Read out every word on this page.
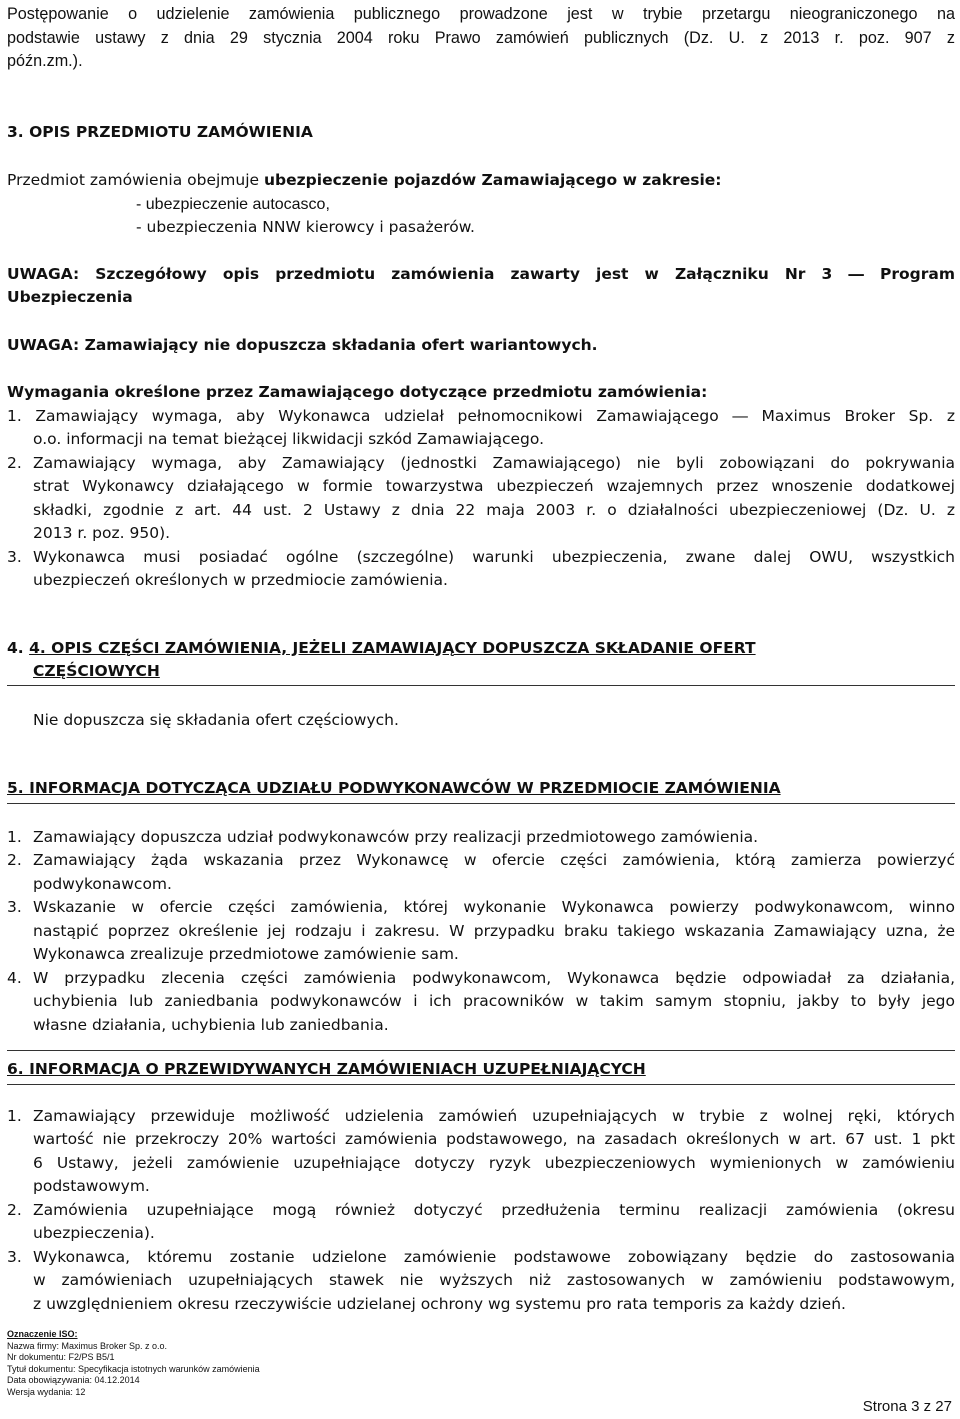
Postępowanie o udzielenie zamówienia publicznego prowadzone jest w trybie przetargu nieograniczonego na

podstawie ustawy z dnia 29 stycznia 2004 roku Prawo zamówień publicznych (Dz. U. z 2013 r. poz. 907 z

późn.zm.).

3. OPIS PRZEDMIOTU ZAMÓWIENIA

Przedmiot zamówienia obejmuje ubezpieczenie pojazdów Zamawiającego w zakresie:

- ubezpieczenie autocasco,

- ubezpieczenia NNW kierowcy i pasażerów.

UWAGA: Szczegółowy opis przedmiotu zamówienia zawarty jest w Załączniku Nr 3 ― Program

Ubezpieczenia

UWAGA: Zamawiający nie dopuszcza składania ofert wariantowych.

Wymagania określone przez Zamawiającego dotyczące przedmiotu zamówienia:

1. Zamawiający wymaga, aby Wykonawca udzielał pełnomocnikowi Zamawiającego ― Maximus Broker Sp. z

o.o. informacji na temat bieżącej likwidacji szkód Zamawiającego.

2. Zamawiający wymaga, aby Zamawiający (jednostki Zamawiającego) nie byli zobowiązani do pokrywania

strat Wykonawcy działającego w formie towarzystwa ubezpieczeń wzajemnych przez wnoszenie dodatkowej

składki, zgodnie z art. 44 ust. 2 Ustawy z dnia 22 maja 2003 r. o działalności ubezpieczeniowej (Dz. U. z

2013 r. poz. 950).

3. Wykonawca musi posiadać ogólne (szczególne) warunki ubezpieczenia, zwane dalej OWU, wszystkich

ubezpieczeń określonych w przedmiocie zamówienia.

4. 4. OPIS CZĘŚCI ZAMÓWIENIA, JEŻELI ZAMAWIAJĄCY DOPUSZCZA SKŁADANIE OFERT

CZĘŚCIOWYCH

Nie dopuszcza się składania ofert częściowych.

5. INFORMACJA DOTYCZĄCA UDZIAŁU PODWYKONAWCÓW W PRZEDMIOCIE ZAMÓWIENIA

1. Zamawiający dopuszcza udział podwykonawców przy realizacji przedmiotowego zamówienia.

2. Zamawiający żąda wskazania przez Wykonawcę w ofercie części zamówienia, którą zamierza powierzyć

podwykonawcom.

3. Wskazanie w ofercie części zamówienia, której wykonanie Wykonawca powierzy podwykonawcom, winno

nastąpić poprzez określenie jej rodzaju i zakresu. W przypadku braku takiego wskazania Zamawiający uzna, że

Wykonawca zrealizuje przedmiotowe zamówienie sam.

4. W przypadku zlecenia części zamówienia podwykonawcom, Wykonawca będzie odpowiadał za działania,

uchybienia lub zaniedbania podwykonawców i ich pracowników w takim samym stopniu, jakby to były jego

własne działania, uchybienia lub zaniedbania.

6. INFORMACJA O PRZEWIDYWANYCH ZAMÓWIENIACH UZUPEŁNIAJĄCYCH

1. Zamawiający przewiduje możliwość udzielenia zamówień uzupełniających w trybie z wolnej ręki, których

wartość nie przekroczy 20% wartości zamówienia podstawowego, na zasadach określonych w art. 67 ust. 1 pkt

6 Ustawy, jeżeli zamówienie uzupełniające dotyczy ryzyk ubezpieczeniowych wymienionych w zamówieniu

podstawowym.

2. Zamówienia uzupełniające mogą również dotyczyć przedłużenia terminu realizacji zamówienia (okresu

ubezpieczenia).

3. Wykonawca, któremu zostanie udzielone zamówienie podstawowe zobowiązany będzie do zastosowania

w zamówieniach uzupełniających stawek nie wyższych niż zastosowanych w zamówieniu podstawowym,

z uwzględnieniem okresu rzeczywiście udzielanej ochrony wg systemu pro rata temporis za każdy dzień.

Oznaczenie ISO:
Nazwa firmy: Maximus Broker Sp. z o.o.
Nr dokumentu: F2/PS B5/1
Tytuł dokumentu: Specyfikacja istotnych warunków zamówienia
Data obowiązywania: 04.12.2014
Wersja wydania: 12
Strona 3 z 27
